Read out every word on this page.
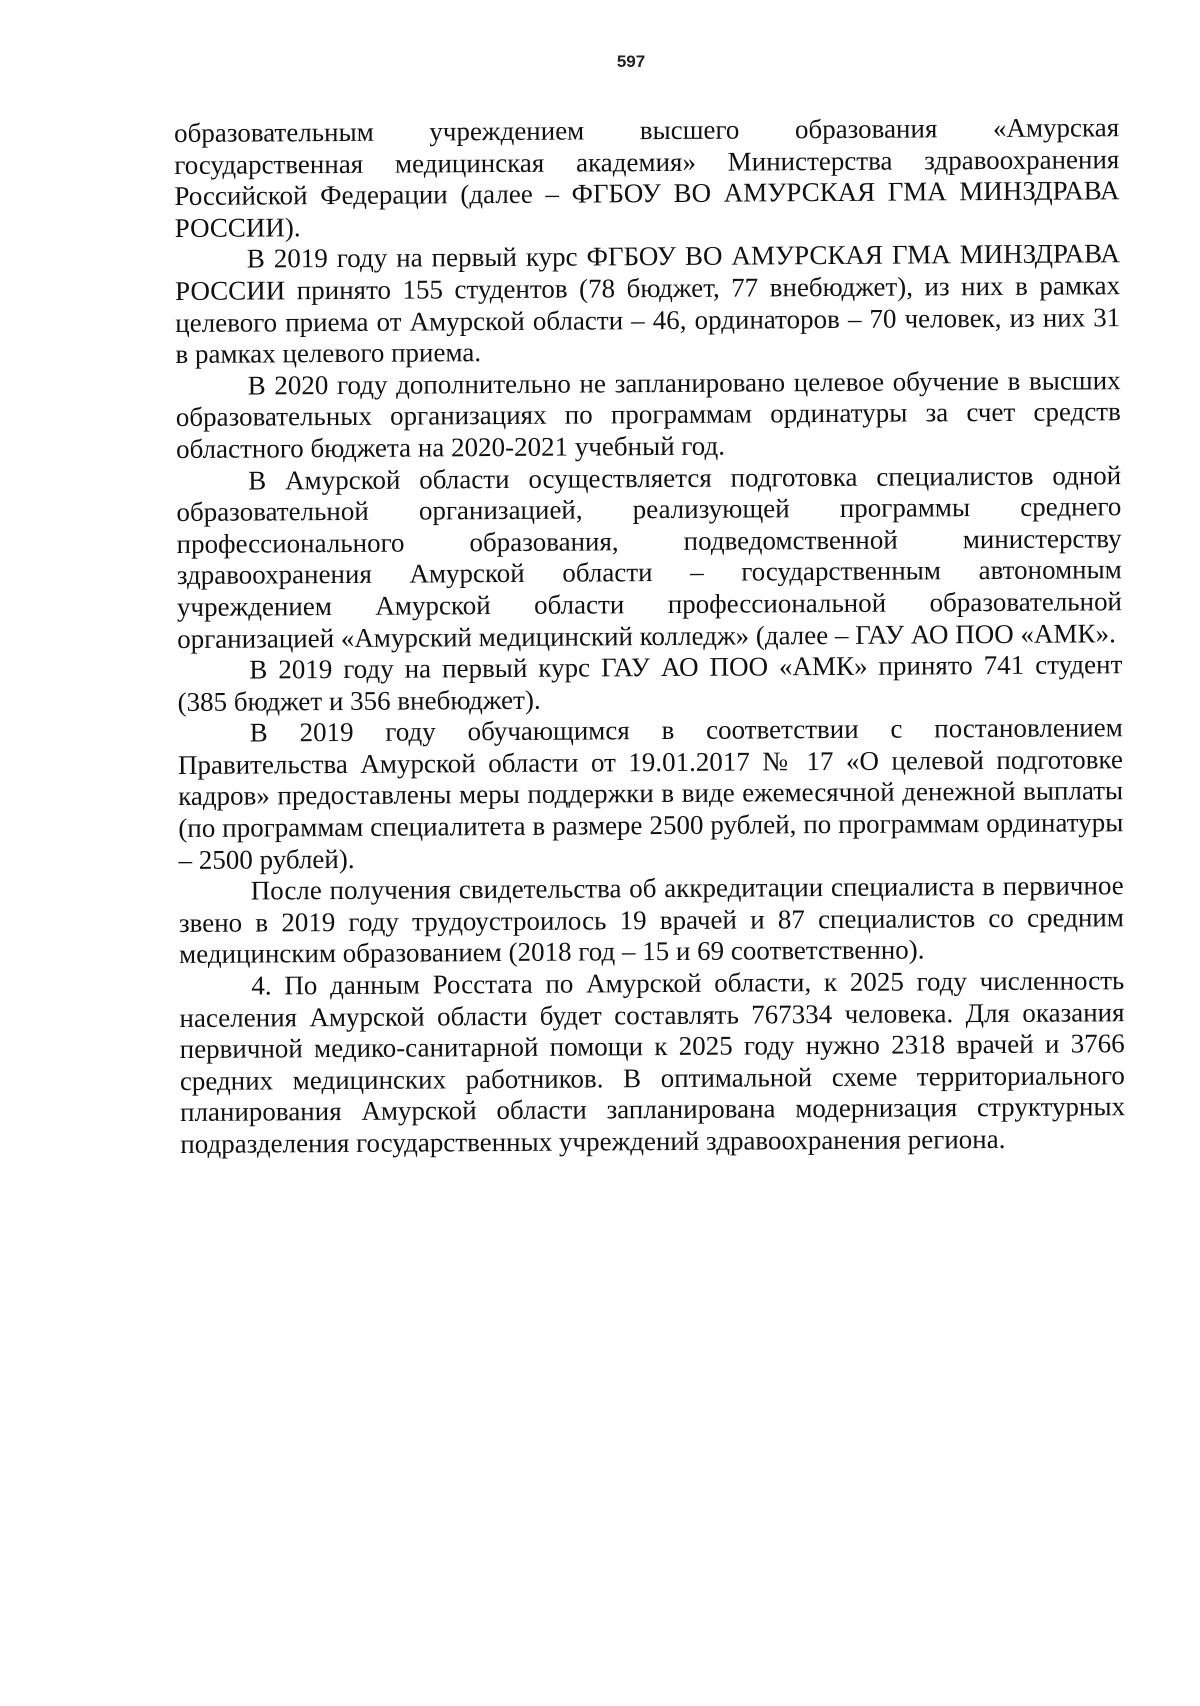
597

образовательным учреждением высшего образования «Амурская государственная медицинская академия» Министерства здравоохранения Российской Федерации (далее – ФГБОУ ВО АМУРСКАЯ ГМА МИНЗДРАВА РОССИИ).

В 2019 году на первый курс ФГБОУ ВО АМУРСКАЯ ГМА МИНЗДРАВА РОССИИ принято 155 студентов (78 бюджет, 77 внебюджет), из них в рамках целевого приема от Амурской области – 46, ординаторов – 70 человек, из них 31 в рамках целевого приема.

В 2020 году дополнительно не запланировано целевое обучение в высших образовательных организациях по программам ординатуры за счет средств областного бюджета на 2020-2021 учебный год.

В Амурской области осуществляется подготовка специалистов одной образовательной организацией, реализующей программы среднего профессионального образования, подведомственной министерству здравоохранения Амурской области – государственным автономным учреждением Амурской области профессиональной образовательной организацией «Амурский медицинский колледж» (далее – ГАУ АО ПОО «АМК».

В 2019 году на первый курс ГАУ АО ПОО «АМК» принято 741 студент (385 бюджет и 356 внебюджет).

В 2019 году обучающимся в соответствии с постановлением Правительства Амурской области от 19.01.2017 № 17 «О целевой подготовке кадров» предоставлены меры поддержки в виде ежемесячной денежной выплаты (по программам специалитета в размере 2500 рублей, по программам ординатуры – 2500 рублей).

После получения свидетельства об аккредитации специалиста в первичное звено в 2019 году трудоустроилось 19 врачей и 87 специалистов со средним медицинским образованием (2018 год – 15 и 69 соответственно).

4. По данным Росстата по Амурской области, к 2025 году численность населения Амурской области будет составлять 767334 человека. Для оказания первичной медико-санитарной помощи к 2025 году нужно 2318 врачей и 3766 средних медицинских работников. В оптимальной схеме территориального планирования Амурской области запланирована модернизация структурных подразделения государственных учреждений здравоохранения региона.
